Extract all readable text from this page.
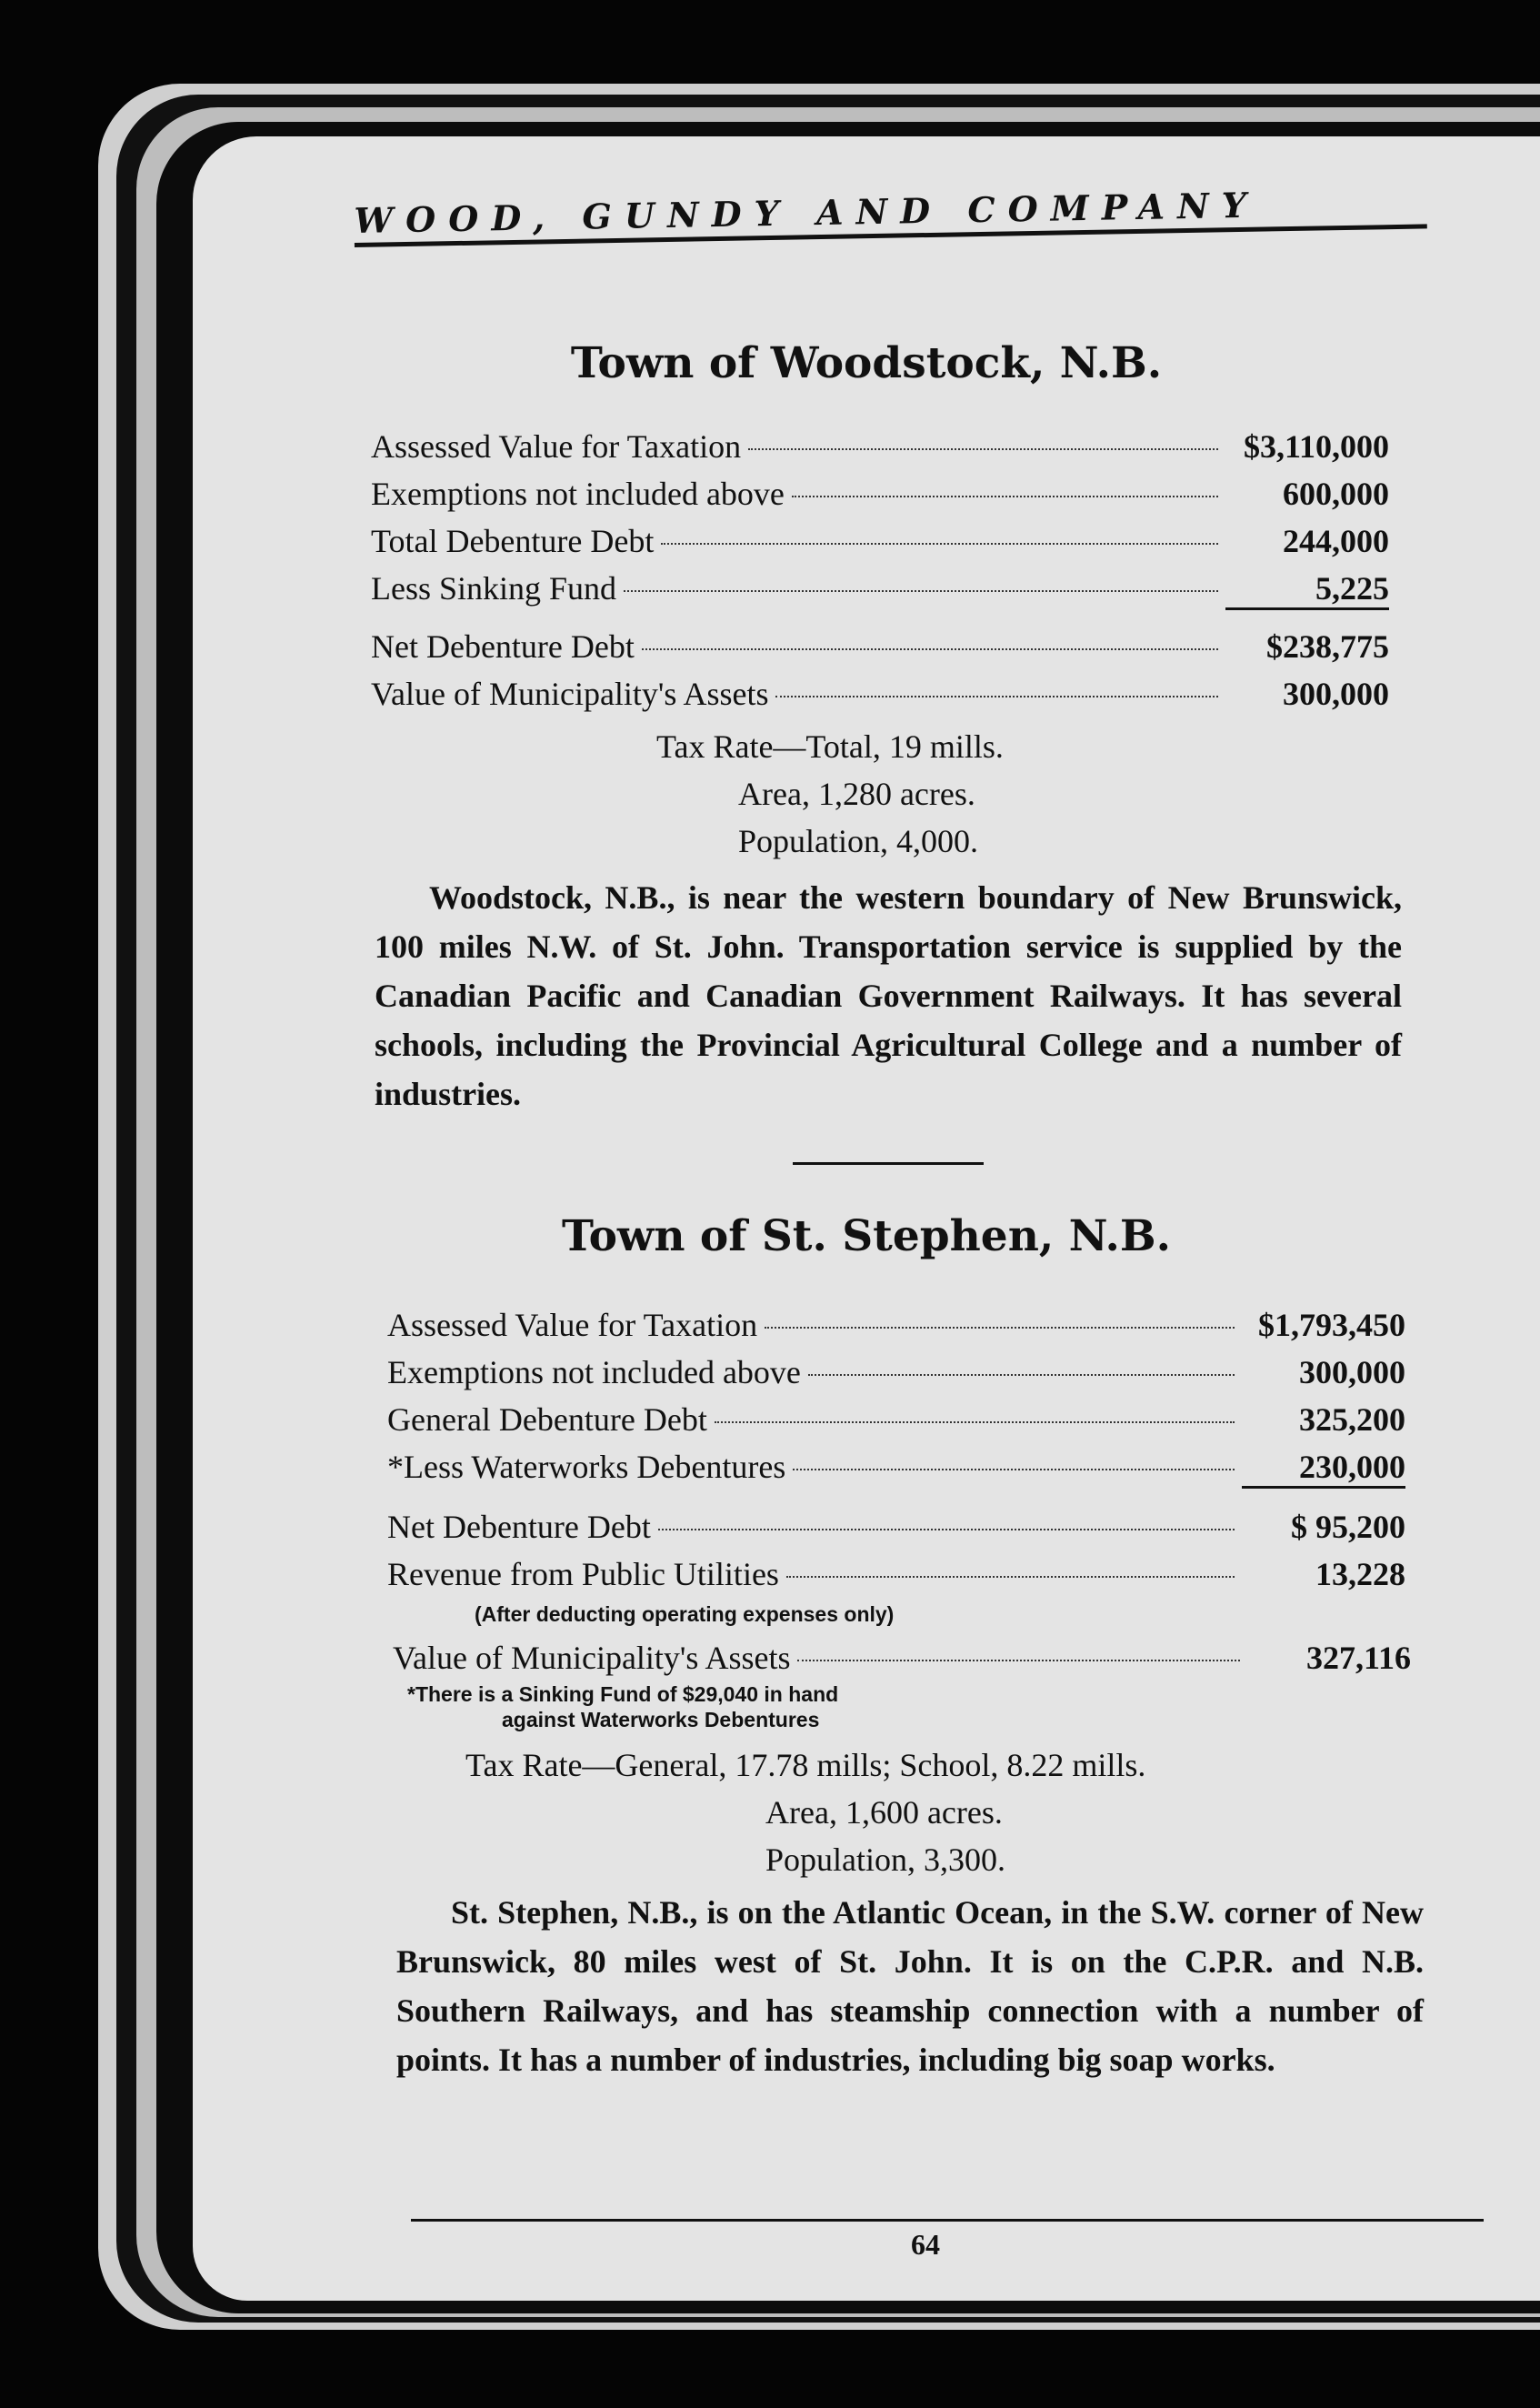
WOOD, GUNDY AND COMPANY
Town of Woodstock, N.B.
Assessed Value for Taxation	$3,110,000
Exemptions not included above	600,000
Total Debenture Debt	244,000
Less Sinking Fund	5,225
Net Debenture Debt	$238,775
Value of Municipality's Assets	300,000
Tax Rate—Total, 19 mills.
Area, 1,280 acres.
Population, 4,000.
Woodstock, N.B., is near the western boundary of New Brunswick, 100 miles N.W. of St. John. Transportation service is supplied by the Canadian Pacific and Canadian Government Railways. It has several schools, including the Provincial Agricultural College and a number of industries.
Town of St. Stephen, N.B.
Assessed Value for Taxation	$1,793,450
Exemptions not included above	300,000
General Debenture Debt	325,200
*Less Waterworks Debentures	230,000
Net Debenture Debt	$ 95,200
Revenue from Public Utilities	13,228
(After deducting operating expenses only)
Value of Municipality's Assets	327,116
*There is a Sinking Fund of $29,040 in hand
against Waterworks Debentures
Tax Rate—General, 17.78 mills; School, 8.22 mills.
Area, 1,600 acres.
Population, 3,300.
St. Stephen, N.B., is on the Atlantic Ocean, in the S.W. corner of New Brunswick, 80 miles west of St. John. It is on the C.P.R. and N.B. Southern Railways, and has steamship connection with a number of points. It has a number of industries, including big soap works.
64
